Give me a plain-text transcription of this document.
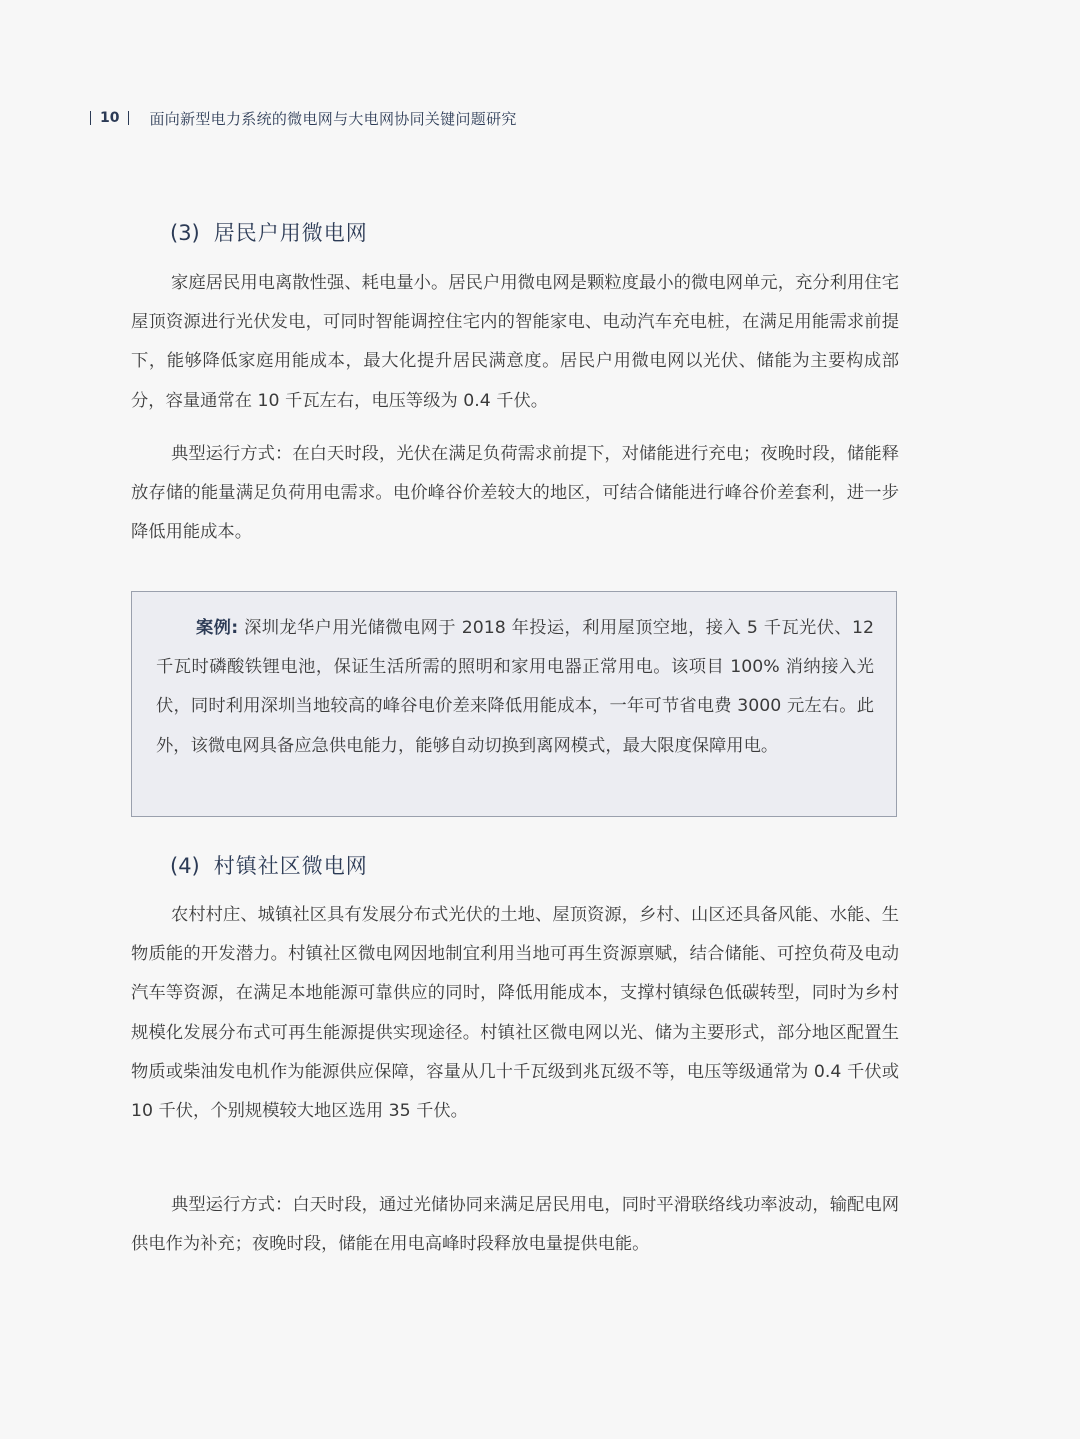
10 面向新型电力系统的微电网与大电网协同关键问题研究
(3) 居民户用微电网

家庭居民用电离散性强、耗电量小。居民户用微电网是颗粒度最小的微电网单元，充分利用住宅屋顶资源进行光伏发电，可同时智能调控住宅内的智能家电、电动汽车充电桩，在满足用能需求前提下，能够降低家庭用能成本，最大化提升居民满意度。居民户用微电网以光伏、储能为主要构成部分，容量通常在 10 千瓦左右，电压等级为 0.4 千伏。

典型运行方式：在白天时段，光伏在满足负荷需求前提下，对储能进行充电；夜晚时段，储能释放存储的能量满足负荷用电需求。电价峰谷价差较大的地区，可结合储能进行峰谷价差套利，进一步降低用能成本。

案例: 深圳龙华户用光储微电网于 2018 年投运，利用屋顶空地，接入 5 千瓦光伏、12 千瓦时磷酸铁锂电池，保证生活所需的照明和家用电器正常用电。该项目 100% 消纳接入光伏，同时利用深圳当地较高的峰谷电价差来降低用能成本，一年可节省电费 3000 元左右。此外，该微电网具备应急供电能力，能够自动切换到离网模式，最大限度保障用电。

(4) 村镇社区微电网

农村村庄、城镇社区具有发展分布式光伏的土地、屋顶资源，乡村、山区还具备风能、水能、生物质能的开发潜力。村镇社区微电网因地制宜利用当地可再生资源禀赋，结合储能、可控负荷及电动汽车等资源，在满足本地能源可靠供应的同时，降低用能成本，支撑村镇绿色低碳转型，同时为乡村规模化发展分布式可再生能源提供实现途径。村镇社区微电网以光、储为主要形式，部分地区配置生物质或柴油发电机作为能源供应保障，容量从几十千瓦级到兆瓦级不等，电压等级通常为 0.4 千伏或 10 千伏，个别规模较大地区选用 35 千伏。

典型运行方式：白天时段，通过光储协同来满足居民用电，同时平滑联络线功率波动，输配电网供电作为补充；夜晚时段，储能在用电高峰时段释放电量提供电能。
